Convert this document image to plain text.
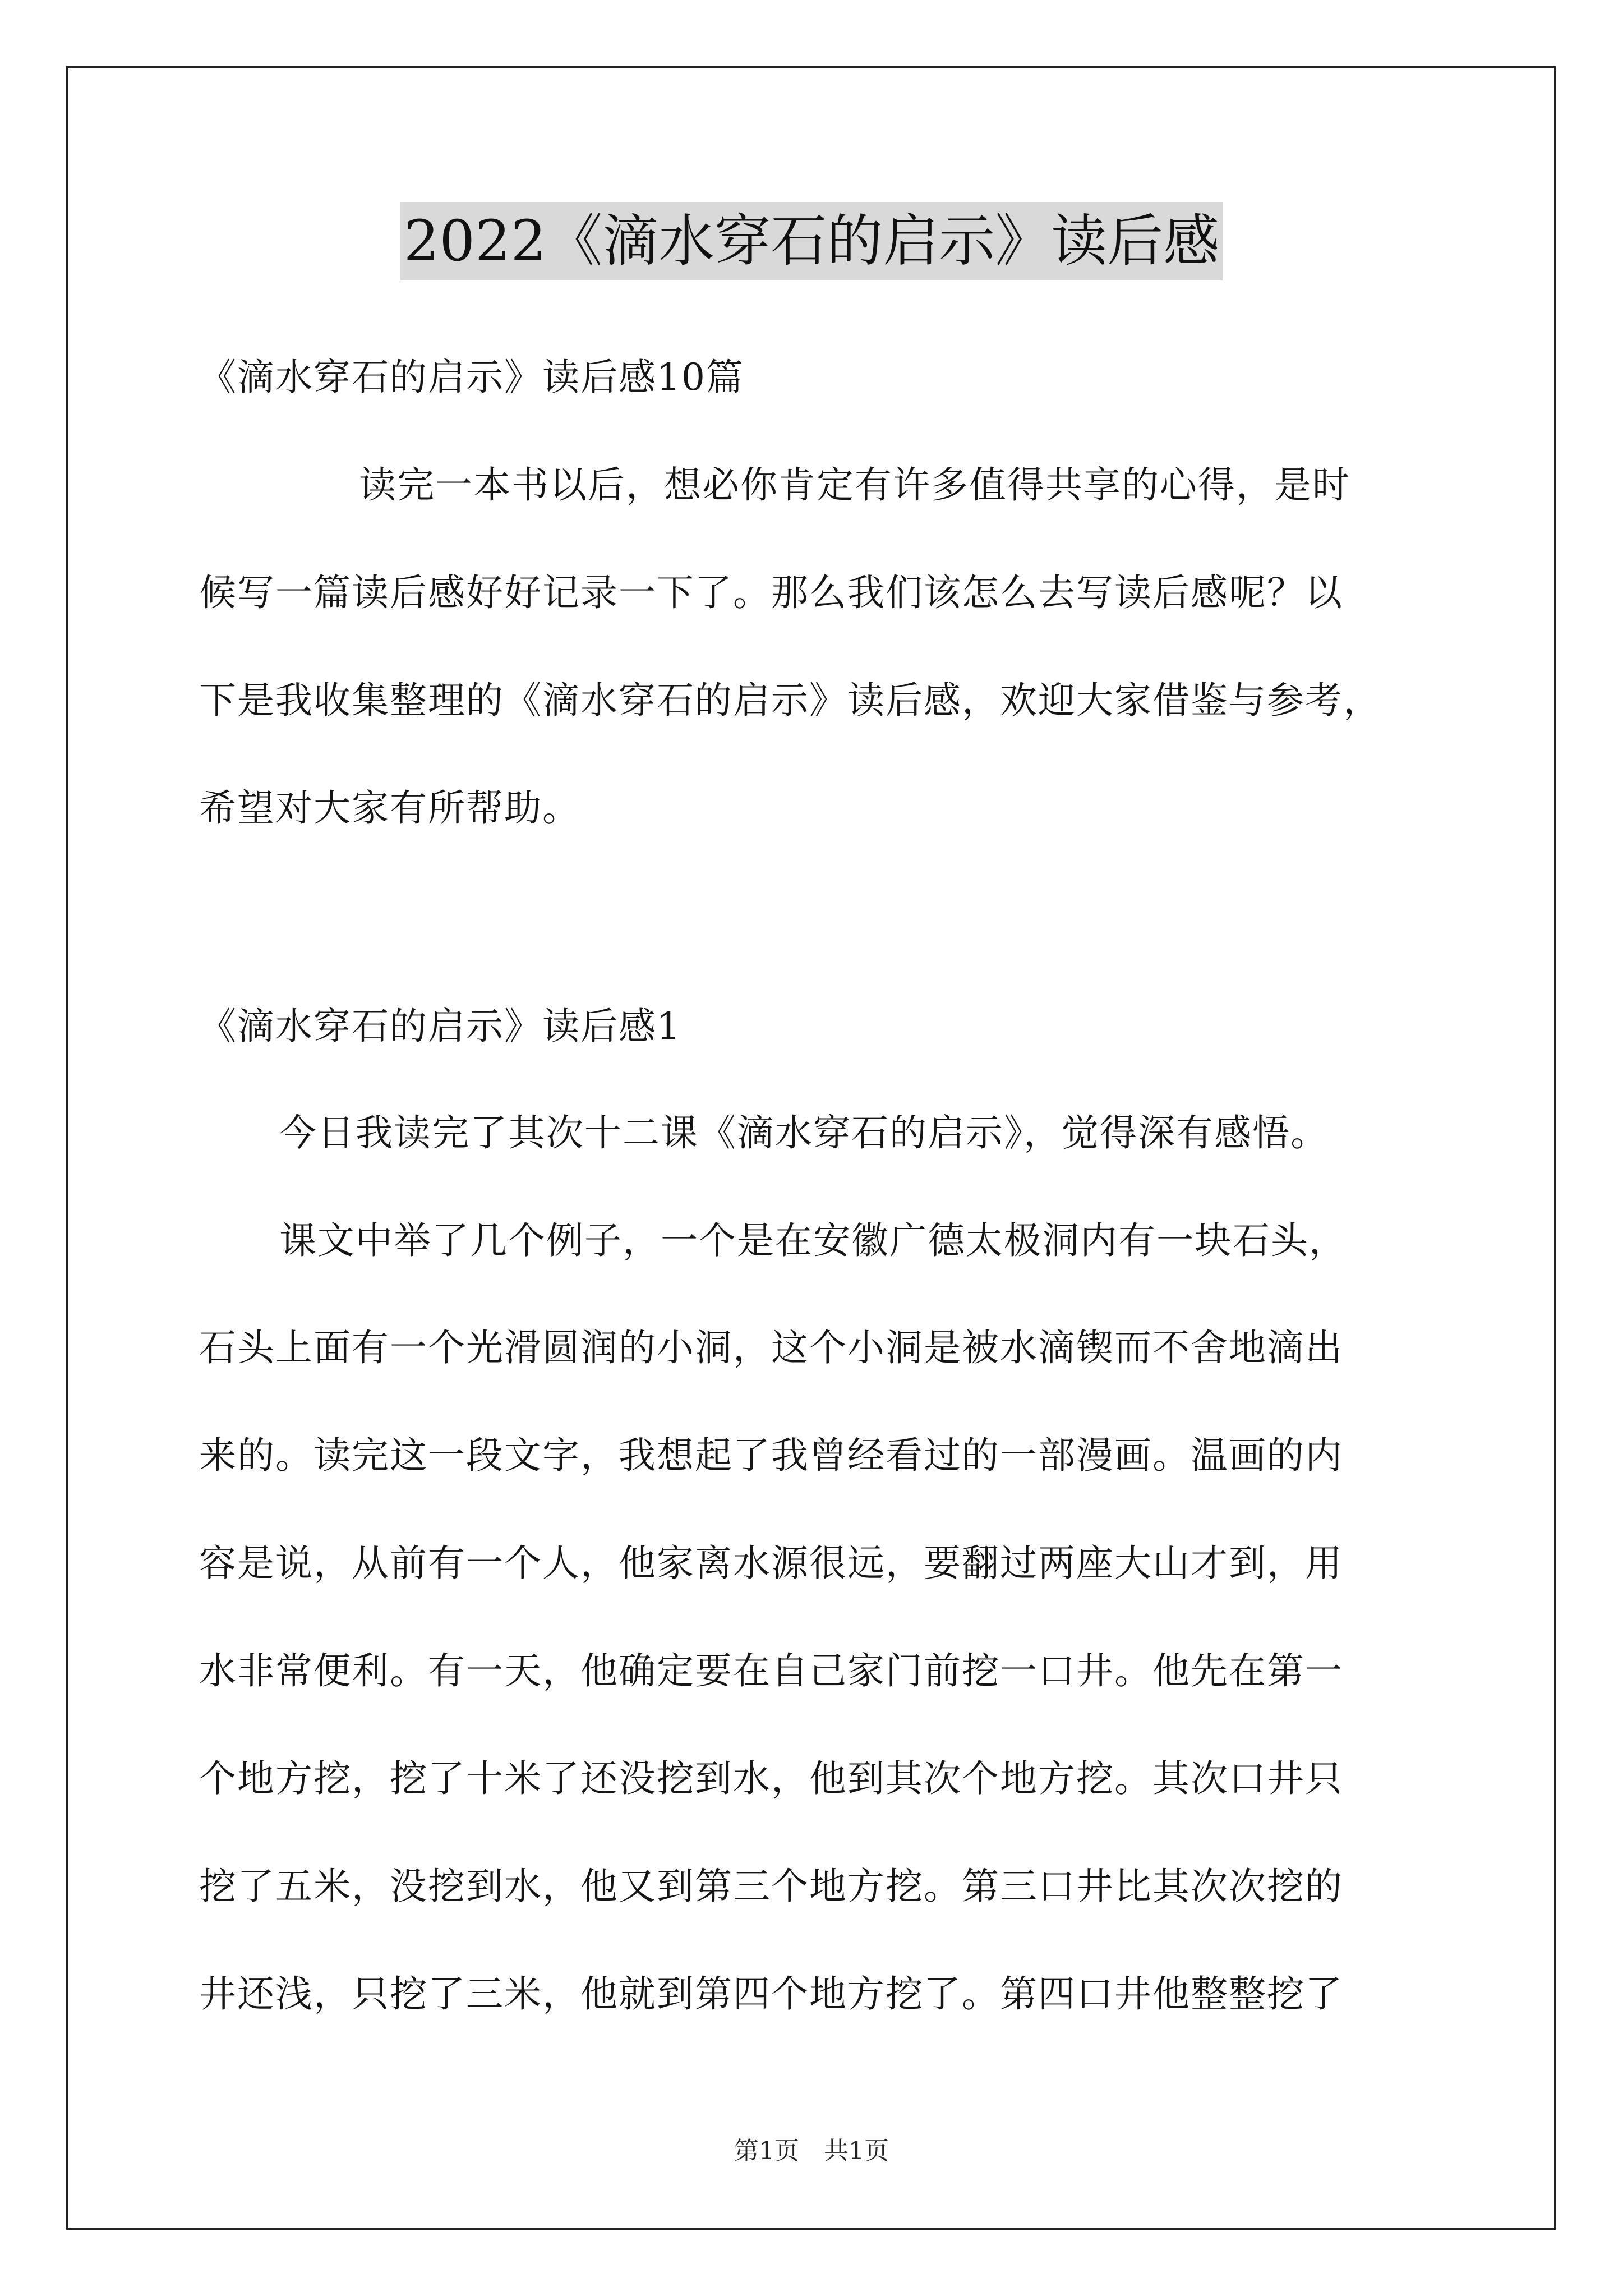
2022《滴水穿石的启示》读后感
《滴水穿石的启示》读后感10篇
读完一本书以后，想必你肯定有许多值得共享的心得，是时
候写一篇读后感好好记录一下了。那么我们该怎么去写读后感呢？以
下是我收集整理的《滴水穿石的启示》读后感，欢迎大家借鉴与参考，
希望对大家有所帮助。
《滴水穿石的启示》读后感1
今日我读完了其次十二课《滴水穿石的启示》，觉得深有感悟。
课文中举了几个例子，一个是在安徽广德太极洞内有一块石头，
石头上面有一个光滑圆润的小洞，这个小洞是被水滴锲而不舍地滴出
来的。读完这一段文字，我想起了我曾经看过的一部漫画。温画的内
容是说，从前有一个人，他家离水源很远，要翻过两座大山才到，用
水非常便利。有一天，他确定要在自己家门前挖一口井。他先在第一
个地方挖，挖了十米了还没挖到水，他到其次个地方挖。其次口井只
挖了五米，没挖到水，他又到第三个地方挖。第三口井比其次次挖的
井还浅，只挖了三米，他就到第四个地方挖了。第四口井他整整挖了
第1页　共1页
